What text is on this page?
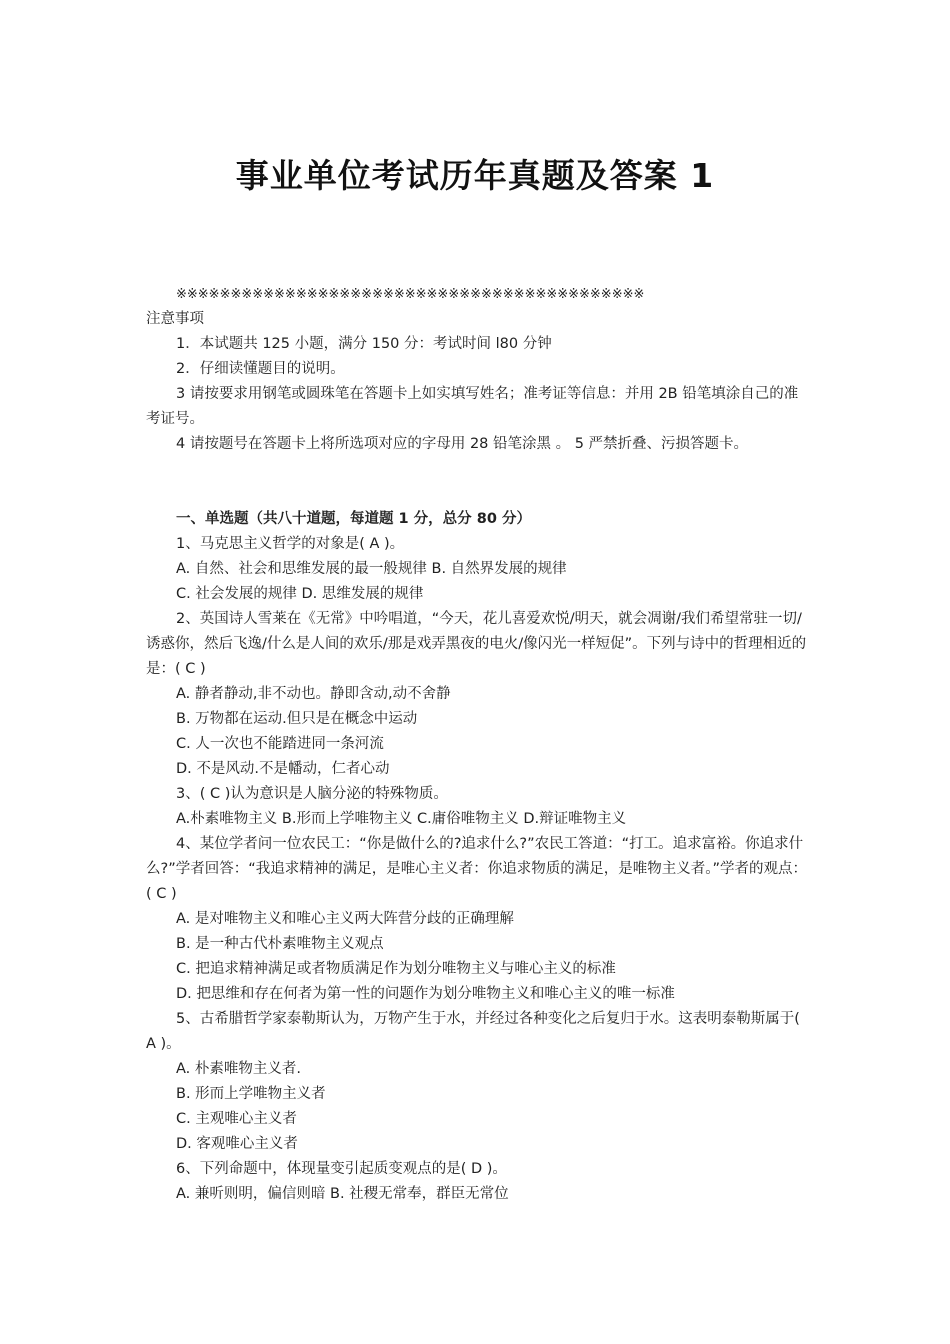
事业单位考试历年真题及答案 1

※※※※※※※※※※※※※※※※※※※※※※※※※※※※※※※※※※※※※※※※※※※

注意事项

1．本试题共 125 小题，满分 150 分：考试时间 l80 分钟

2．仔细读懂题目的说明。

3 请按要求用钢笔或圆珠笔在答题卡上如实填写姓名；准考证等信息：并用 2B 铅笔填涂自己的准考证号。

4 请按题号在答题卡上将所选项对应的字母用 28 铅笔涂黑 。 5 严禁折叠、污损答题卡。

一、单选题（共八十道题，每道题 1 分，总分 80 分）

1、马克思主义哲学的对象是( A )。

A. 自然、社会和思维发展的最一般规律 B. 自然界发展的规律

C. 社会发展的规律 D. 思维发展的规律

2、英国诗人雪莱在《无常》中吟唱道，“今天，花儿喜爱欢悦/明天，就会凋谢/我们希望常驻一切/诱惑你，然后飞逸/什么是人间的欢乐/那是戏弄黑夜的电火/像闪光一样短促”。下列与诗中的哲理相近的是：( C )

A. 静者静动,非不动也。静即含动,动不舍静

B. 万物都在运动.但只是在概念中运动

C. 人一次也不能踏进同一条河流

D. 不是风动.不是幡动，仁者心动

3、( C )认为意识是人脑分泌的特殊物质。

A.朴素唯物主义 B.形而上学唯物主义 C.庸俗唯物主义 D.辩证唯物主义

4、某位学者问一位农民工：“你是做什么的?追求什么?”农民工答道：“打工。追求富裕。你追求什么?”学者回答：“我追求精神的满足，是唯心主义者：你追求物质的满足，是唯物主义者。”学者的观点：( C )

A. 是对唯物主义和唯心主义两大阵营分歧的正确理解

B. 是一种古代朴素唯物主义观点

C. 把追求精神满足或者物质满足作为划分唯物主义与唯心主义的标准

D. 把思维和存在何者为第一性的问题作为划分唯物主义和唯心主义的唯一标准

5、古希腊哲学家泰勒斯认为，万物产生于水，并经过各种变化之后复归于水。这表明泰勒斯属于( A )。

A. 朴素唯物主义者.

B. 形而上学唯物主义者

C. 主观唯心主义者

D. 客观唯心主义者

6、下列命题中，体现量变引起质变观点的是( D )。

A. 兼听则明，偏信则暗 B. 社稷无常奉，群臣无常位
